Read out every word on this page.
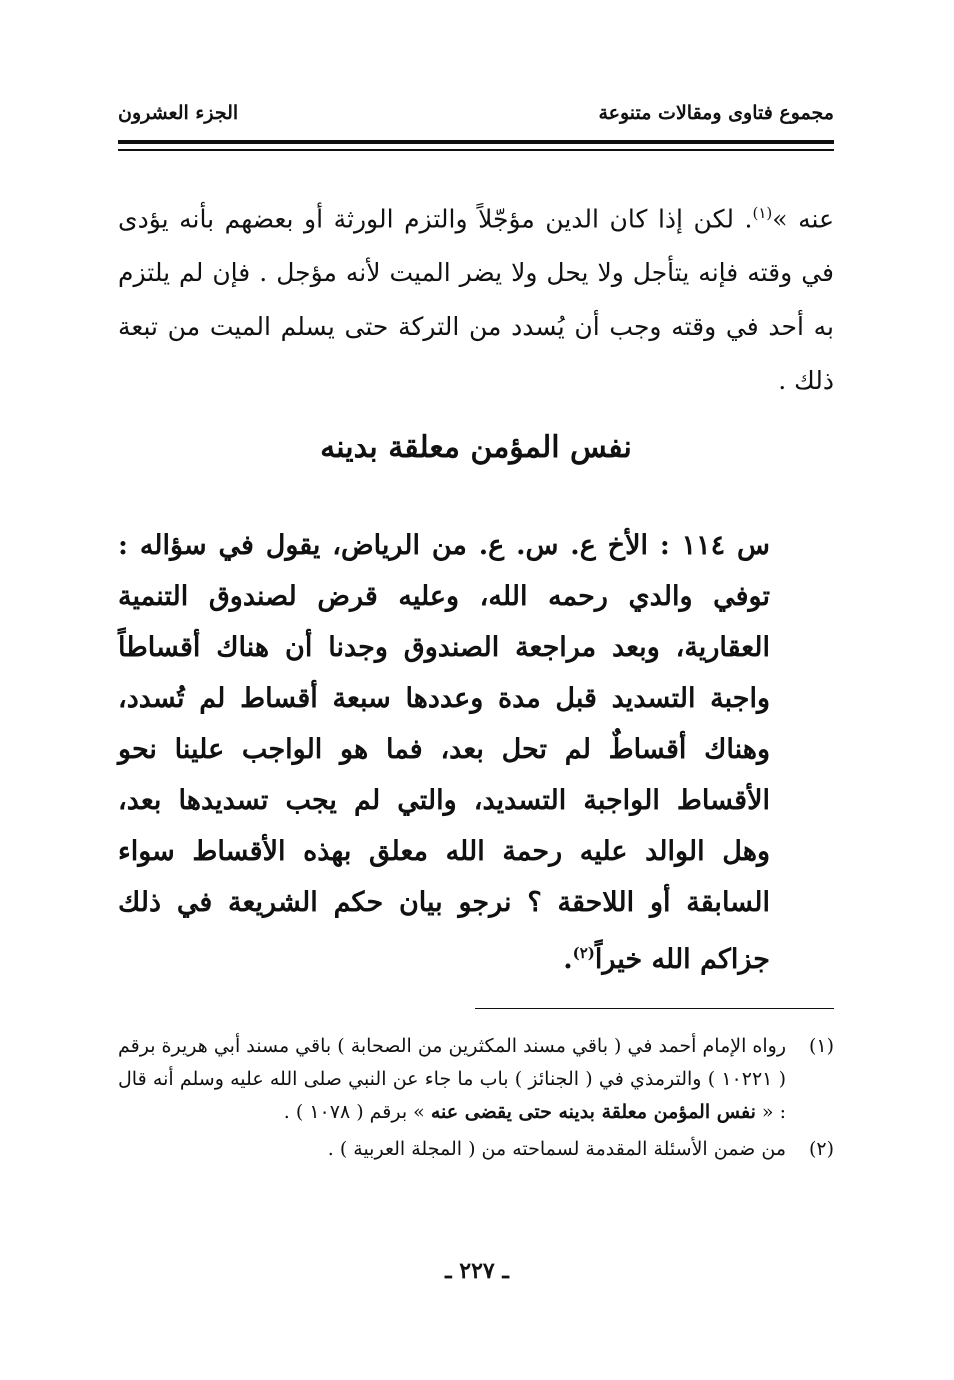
مجموع فتاوى ومقالات متنوعة
الجزء العشرون
عنه »$^{(١)}$. لكن إذا كان الدين مؤجّلاً والتزم الورثة أو بعضهم بأنه يؤدى في وقته فإنه يتأجل ولا يحل ولا يضر الميت لأنه مؤجل . فإن لم يلتزم به أحد في وقته وجب أن يُسدد من التركة حتى يسلم الميت من تبعة ذلك .
نفس المؤمن معلقة بدينه
س ١١٤ : الأخ ع. س. ع. من الرياض، يقول في سؤاله : توفي والدي رحمه الله، وعليه قرض لصندوق التنمية العقارية، وبعد مراجعة الصندوق وجدنا أن هناك أقساطاً واجبة التسديد قبل مدة وعددها سبعة أقساط لم تُسدد، وهناك أقساطٌ لم تحل بعد، فما هو الواجب علينا نحو الأقساط الواجبة التسديد، والتي لم يجب تسديدها بعد، وهل الوالد عليه رحمة الله معلق بهذه الأقساط سواء السابقة أو اللاحقة ؟ نرجو بيان حكم الشريعة في ذلك جزاكم الله خيراً$^{(٢)}$.
(١)
رواه الإمام أحمد في ( باقي مسند المكثرين من الصحابة ) باقي مسند أبي هريرة برقم ( ١٠٢٢١ ) والترمذي في ( الجنائز ) باب ما جاء عن النبي صلى الله عليه وسلم أنه قال : « نفس المؤمن معلقة بدينه حتى يقضى عنه » برقم ( ١٠٧٨ ) .
(٢)
من ضمن الأسئلة المقدمة لسماحته من ( المجلة العربية ) .
ـ ٢٢٧ ـ
